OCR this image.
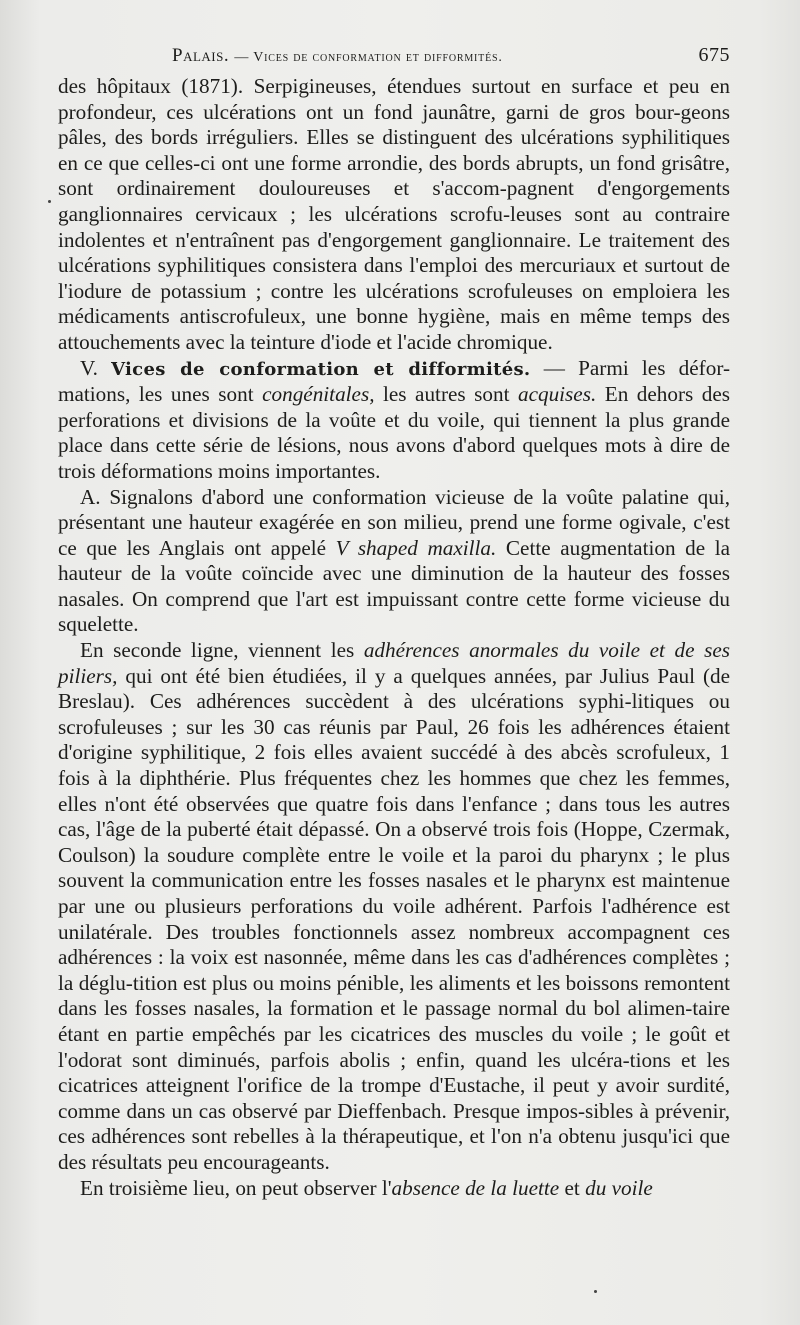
Palais. — Vices de conformation et difformités.	675

des hôpitaux (1871). Serpigineuses, étendues surtout en surface et peu en profondeur, ces ulcérations ont un fond jaunâtre, garni de gros bour-geons pâles, des bords irréguliers. Elles se distinguent des ulcérations syphilitiques en ce que celles-ci ont une forme arrondie, des bords abrupts, un fond grisâtre, sont ordinairement douloureuses et s'accom-pagnent d'engorgements ganglionnaires cervicaux ; les ulcérations scrofu-leuses sont au contraire indolentes et n'entraînent pas d'engorgement ganglionnaire. Le traitement des ulcérations syphilitiques consistera dans l'emploi des mercuriaux et surtout de l'iodure de potassium ; contre les ulcérations scrofuleuses on emploiera les médicaments antiscrofuleux, une bonne hygiène, mais en même temps des attouchements avec la teinture d'iode et l'acide chromique.

V. Vices de conformation et difformités. — Parmi les défor-mations, les unes sont congénitales, les autres sont acquises. En dehors des perforations et divisions de la voûte et du voile, qui tiennent la plus grande place dans cette série de lésions, nous avons d'abord quelques mots à dire de trois déformations moins importantes.

A. Signalons d'abord une conformation vicieuse de la voûte palatine qui, présentant une hauteur exagérée en son milieu, prend une forme ogivale, c'est ce que les Anglais ont appelé V shaped maxilla. Cette augmentation de la hauteur de la voûte coïncide avec une diminution de la hauteur des fosses nasales. On comprend que l'art est impuissant contre cette forme vicieuse du squelette.

En seconde ligne, viennent les adhérences anormales du voile et de ses piliers, qui ont été bien étudiées, il y a quelques années, par Julius Paul (de Breslau). Ces adhérences succèdent à des ulcérations syphi-litiques ou scrofuleuses ; sur les 30 cas réunis par Paul, 26 fois les adhérences étaient d'origine syphilitique, 2 fois elles avaient succédé à des abcès scrofuleux, 1 fois à la diphthérie. Plus fréquentes chez les hommes que chez les femmes, elles n'ont été observées que quatre fois dans l'enfance ; dans tous les autres cas, l'âge de la puberté était dépassé. On a observé trois fois (Hoppe, Czermak, Coulson) la soudure complète entre le voile et la paroi du pharynx ; le plus souvent la communication entre les fosses nasales et le pharynx est maintenue par une ou plusieurs perforations du voile adhérent. Parfois l'adhérence est unilatérale. Des troubles fonctionnels assez nombreux accompagnent ces adhérences : la voix est nasonnée, même dans les cas d'adhérences complètes ; la déglu-tition est plus ou moins pénible, les aliments et les boissons remontent dans les fosses nasales, la formation et le passage normal du bol alimen-taire étant en partie empêchés par les cicatrices des muscles du voile ; le goût et l'odorat sont diminués, parfois abolis ; enfin, quand les ulcéra-tions et les cicatrices atteignent l'orifice de la trompe d'Eustache, il peut y avoir surdité, comme dans un cas observé par Dieffenbach. Presque impos-sibles à prévenir, ces adhérences sont rebelles à la thérapeutique, et l'on n'a obtenu jusqu'ici que des résultats peu encourageants.

En troisième lieu, on peut observer l'absence de la luette et du voile
